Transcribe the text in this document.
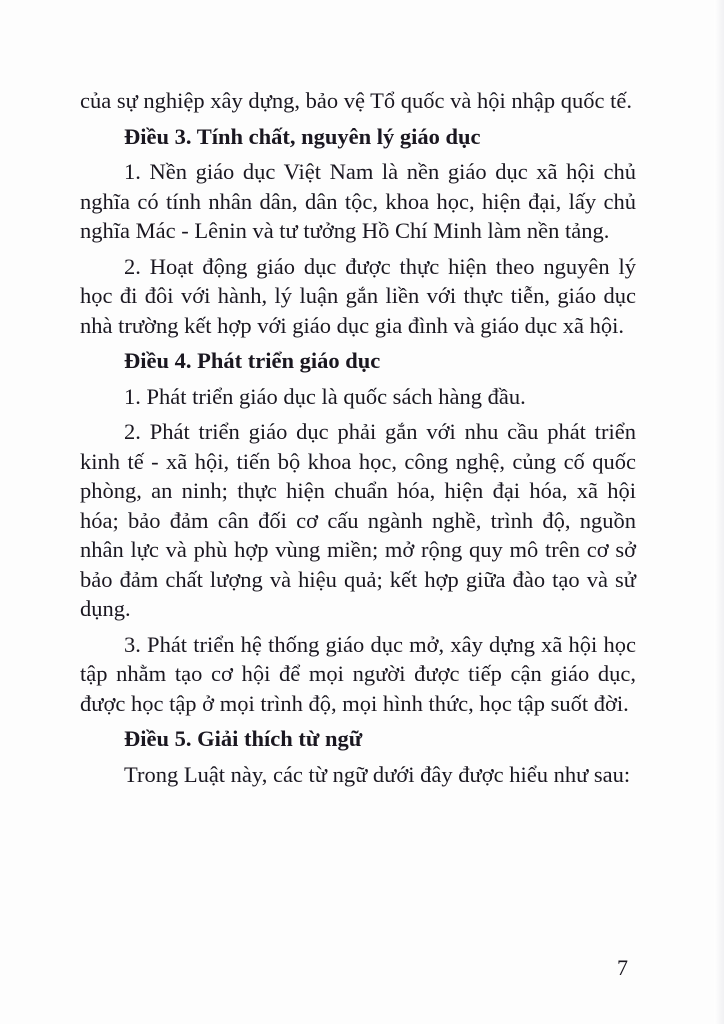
của sự nghiệp xây dựng, bảo vệ Tổ quốc và hội nhập quốc tế.

Điều 3. Tính chất, nguyên lý giáo dục

1. Nền giáo dục Việt Nam là nền giáo dục xã hội chủ nghĩa có tính nhân dân, dân tộc, khoa học, hiện đại, lấy chủ nghĩa Mác - Lênin và tư tưởng Hồ Chí Minh làm nền tảng.

2. Hoạt động giáo dục được thực hiện theo nguyên lý học đi đôi với hành, lý luận gắn liền với thực tiễn, giáo dục nhà trường kết hợp với giáo dục gia đình và giáo dục xã hội.

Điều 4. Phát triển giáo dục

1. Phát triển giáo dục là quốc sách hàng đầu.

2. Phát triển giáo dục phải gắn với nhu cầu phát triển kinh tế - xã hội, tiến bộ khoa học, công nghệ, củng cố quốc phòng, an ninh; thực hiện chuẩn hóa, hiện đại hóa, xã hội hóa; bảo đảm cân đối cơ cấu ngành nghề, trình độ, nguồn nhân lực và phù hợp vùng miền; mở rộng quy mô trên cơ sở bảo đảm chất lượng và hiệu quả; kết hợp giữa đào tạo và sử dụng.

3. Phát triển hệ thống giáo dục mở, xây dựng xã hội học tập nhằm tạo cơ hội để mọi người được tiếp cận giáo dục, được học tập ở mọi trình độ, mọi hình thức, học tập suốt đời.

Điều 5. Giải thích từ ngữ

Trong Luật này, các từ ngữ dưới đây được hiểu như sau:

7
